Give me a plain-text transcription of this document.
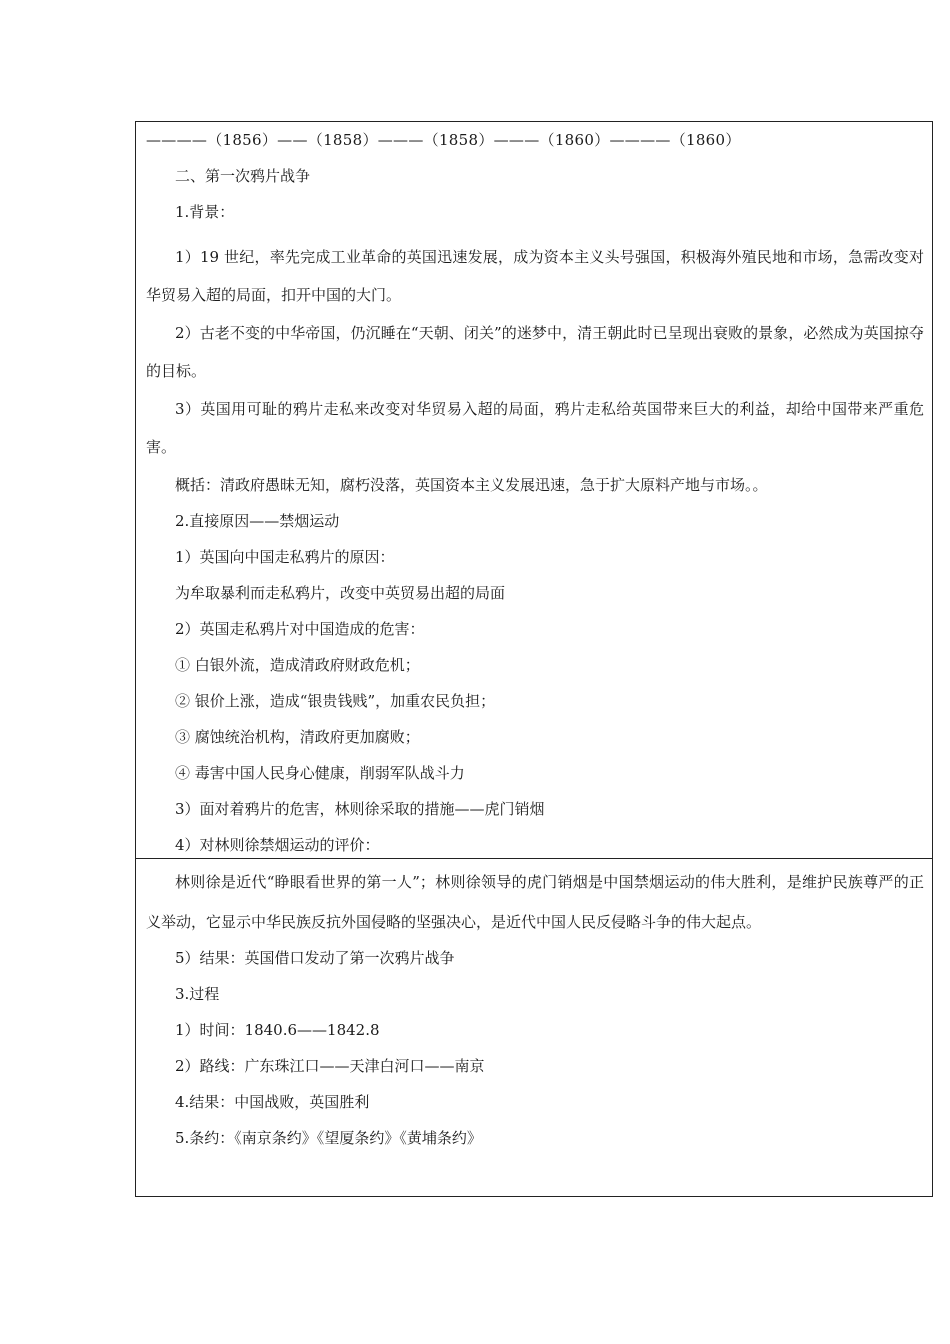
————（1856）——（1858）———（1858）———（1860）————（1860）
二、第一次鸦片战争
1.背景：

1）19 世纪，率先完成工业革命的英国迅速发展，成为资本主义头号强国，积极海外殖民地和市场，急需改变对华贸易入超的局面，扣开中国的大门。

2）古老不变的中华帝国，仍沉睡在“天朝、闭关”的迷梦中，清王朝此时已呈现出衰败的景象，必然成为英国掠夺的目标。

3）英国用可耻的鸦片走私来改变对华贸易入超的局面，鸦片走私给英国带来巨大的利益，却给中国带来严重危害。

概括：清政府愚昧无知，腐朽没落，英国资本主义发展迅速，急于扩大原料产地与市场。。
2.直接原因——禁烟运动
1）英国向中国走私鸦片的原因：
为牟取暴利而走私鸦片，改变中英贸易出超的局面
2）英国走私鸦片对中国造成的危害：
① 白银外流，造成清政府财政危机；
② 银价上涨，造成“银贵钱贱”，加重农民负担；
③ 腐蚀统治机构，清政府更加腐败；
④ 毒害中国人民身心健康，削弱军队战斗力
3）面对着鸦片的危害，林则徐采取的措施——虎门销烟
4）对林则徐禁烟运动的评价：

林则徐是近代“睁眼看世界的第一人”；林则徐领导的虎门销烟是中国禁烟运动的伟大胜利，是维护民族尊严的正义举动，它显示中华民族反抗外国侵略的坚强决心，是近代中国人民反侵略斗争的伟大起点。

5）结果：英国借口发动了第一次鸦片战争
3.过程
1）时间：1840.6——1842.8
2）路线：广东珠江口——天津白河口——南京
4.结果：中国战败，英国胜利
5.条约：《南京条约》《望厦条约》《黄埔条约》
